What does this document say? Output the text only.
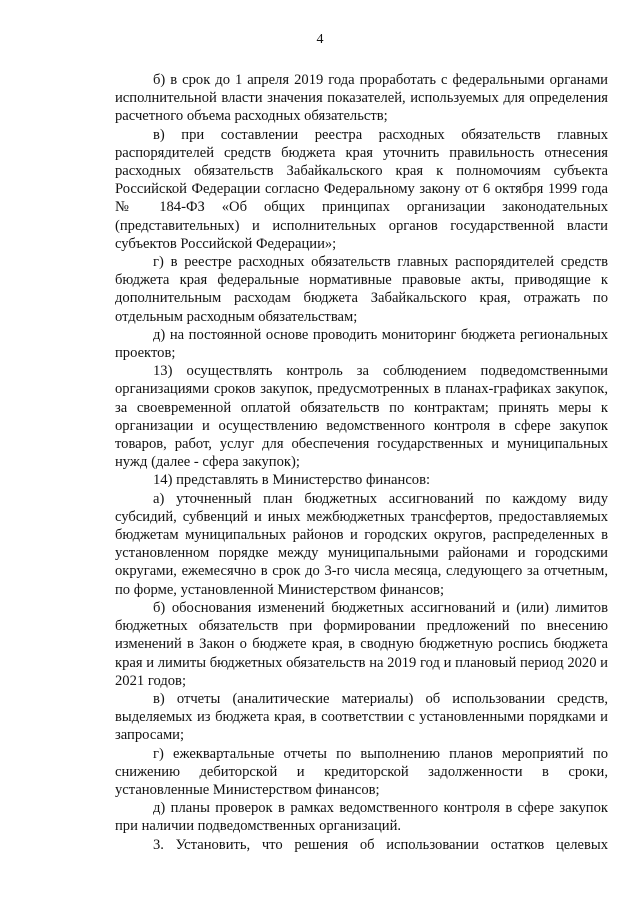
4

б) в срок до 1 апреля 2019 года проработать с федеральными органами исполнительной власти значения показателей, используемых для определения расчетного объема расходных обязательств;

в) при составлении реестра расходных обязательств главных распорядителей средств бюджета края уточнить правильность отнесения расходных обязательств Забайкальского края к полномочиям субъекта Российской Федерации согласно Федеральному закону от 6 октября 1999 года № 184-ФЗ «Об общих принципах организации законодательных (представительных) и исполнительных органов государственной власти субъектов Российской Федерации»;

г) в реестре расходных обязательств главных распорядителей средств бюджета края федеральные нормативные правовые акты, приводящие к дополнительным расходам бюджета Забайкальского края, отражать по отдельным расходным обязательствам;

д) на постоянной основе проводить мониторинг бюджета региональных проектов;

13) осуществлять контроль за соблюдением подведомственными организациями сроков закупок, предусмотренных в планах-графиках закупок, за своевременной оплатой обязательств по контрактам; принять меры к организации и осуществлению ведомственного контроля в сфере закупок товаров, работ, услуг для обеспечения государственных и муниципальных нужд (далее - сфера закупок);

14) представлять в Министерство финансов:

а) уточненный план бюджетных ассигнований по каждому виду субсидий, субвенций и иных межбюджетных трансфертов, предоставляемых бюджетам муниципальных районов и городских округов, распределенных в установленном порядке между муниципальными районами и городскими округами, ежемесячно в срок до 3-го числа месяца, следующего за отчетным, по форме, установленной Министерством финансов;

б) обоснования изменений бюджетных ассигнований и (или) лимитов бюджетных обязательств при формировании предложений по внесению изменений в Закон о бюджете края, в сводную бюджетную роспись бюджета края и лимиты бюджетных обязательств на 2019 год и плановый период 2020 и 2021 годов;

в) отчеты (аналитические материалы) об использовании средств, выделяемых из бюджета края, в соответствии с установленными порядками и запросами;

г) ежеквартальные отчеты по выполнению планов мероприятий по снижению дебиторской и кредиторской задолженности в сроки, установленные Министерством финансов;

д) планы проверок в рамках ведомственного контроля в сфере закупок при наличии подведомственных организаций.

3. Установить, что решения об использовании остатков целевых
